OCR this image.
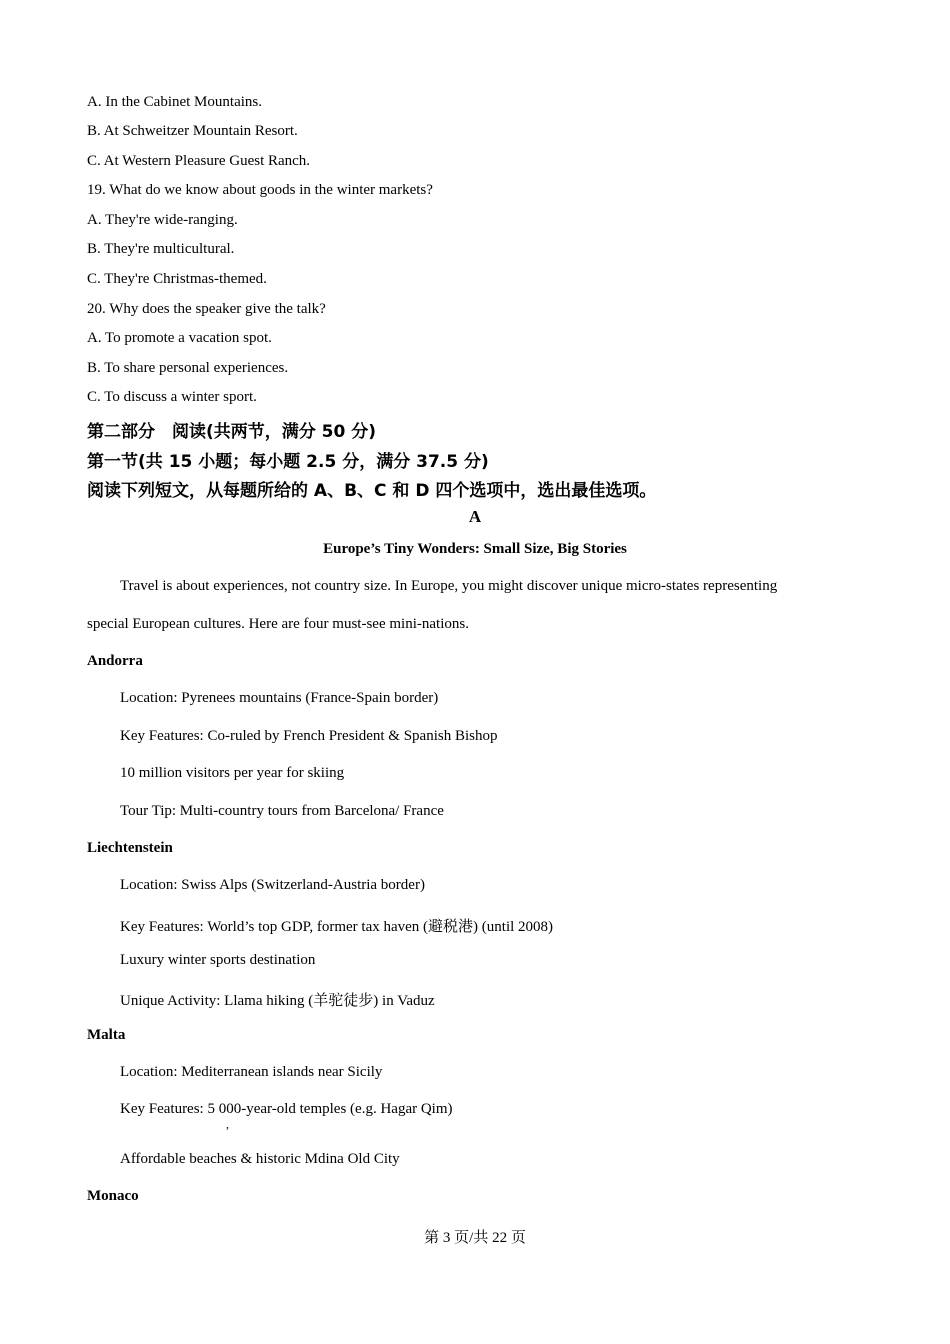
A. In the Cabinet Mountains.
B. At Schweitzer Mountain Resort.
C. At Western Pleasure Guest Ranch.
19. What do we know about goods in the winter markets?
A. They're wide-ranging.
B. They're multicultural.
C. They're Christmas-themed.
20. Why does the speaker give the talk?
A. To promote a vacation spot.
B. To share personal experiences.
C. To discuss a winter sport.
第二部分　阅读(共两节，满分 50 分)
第一节(共 15 小题；每小题 2.5 分，满分 37.5 分)
阅读下列短文，从每题所给的 A、B、C 和 D 四个选项中，选出最佳选项。
A
Europe’s Tiny Wonders: Small Size, Big Stories
Travel is about experiences, not country size. In Europe, you might discover unique micro-states representing
special European cultures. Here are four must-see mini-nations.
Andorra
Location: Pyrenees mountains (France-Spain border)
Key Features: Co-ruled by French President & Spanish Bishop
10 million visitors per year for skiing
Tour Tip: Multi-country tours from Barcelona/ France
Liechtenstein
Location: Swiss Alps (Switzerland-Austria border)
Key Features: World’s top GDP, former tax haven (避税港) (until 2008)
Luxury winter sports destination
Unique Activity: Llama hiking (羊驼徒步) in Vaduz
Malta
Location: Mediterranean islands near Sicily
Key Features: 5 000-year-old temples (e.g. Hagar Qim)
,
Affordable beaches & historic Mdina Old City
Monaco
第 3 页/共 22 页
